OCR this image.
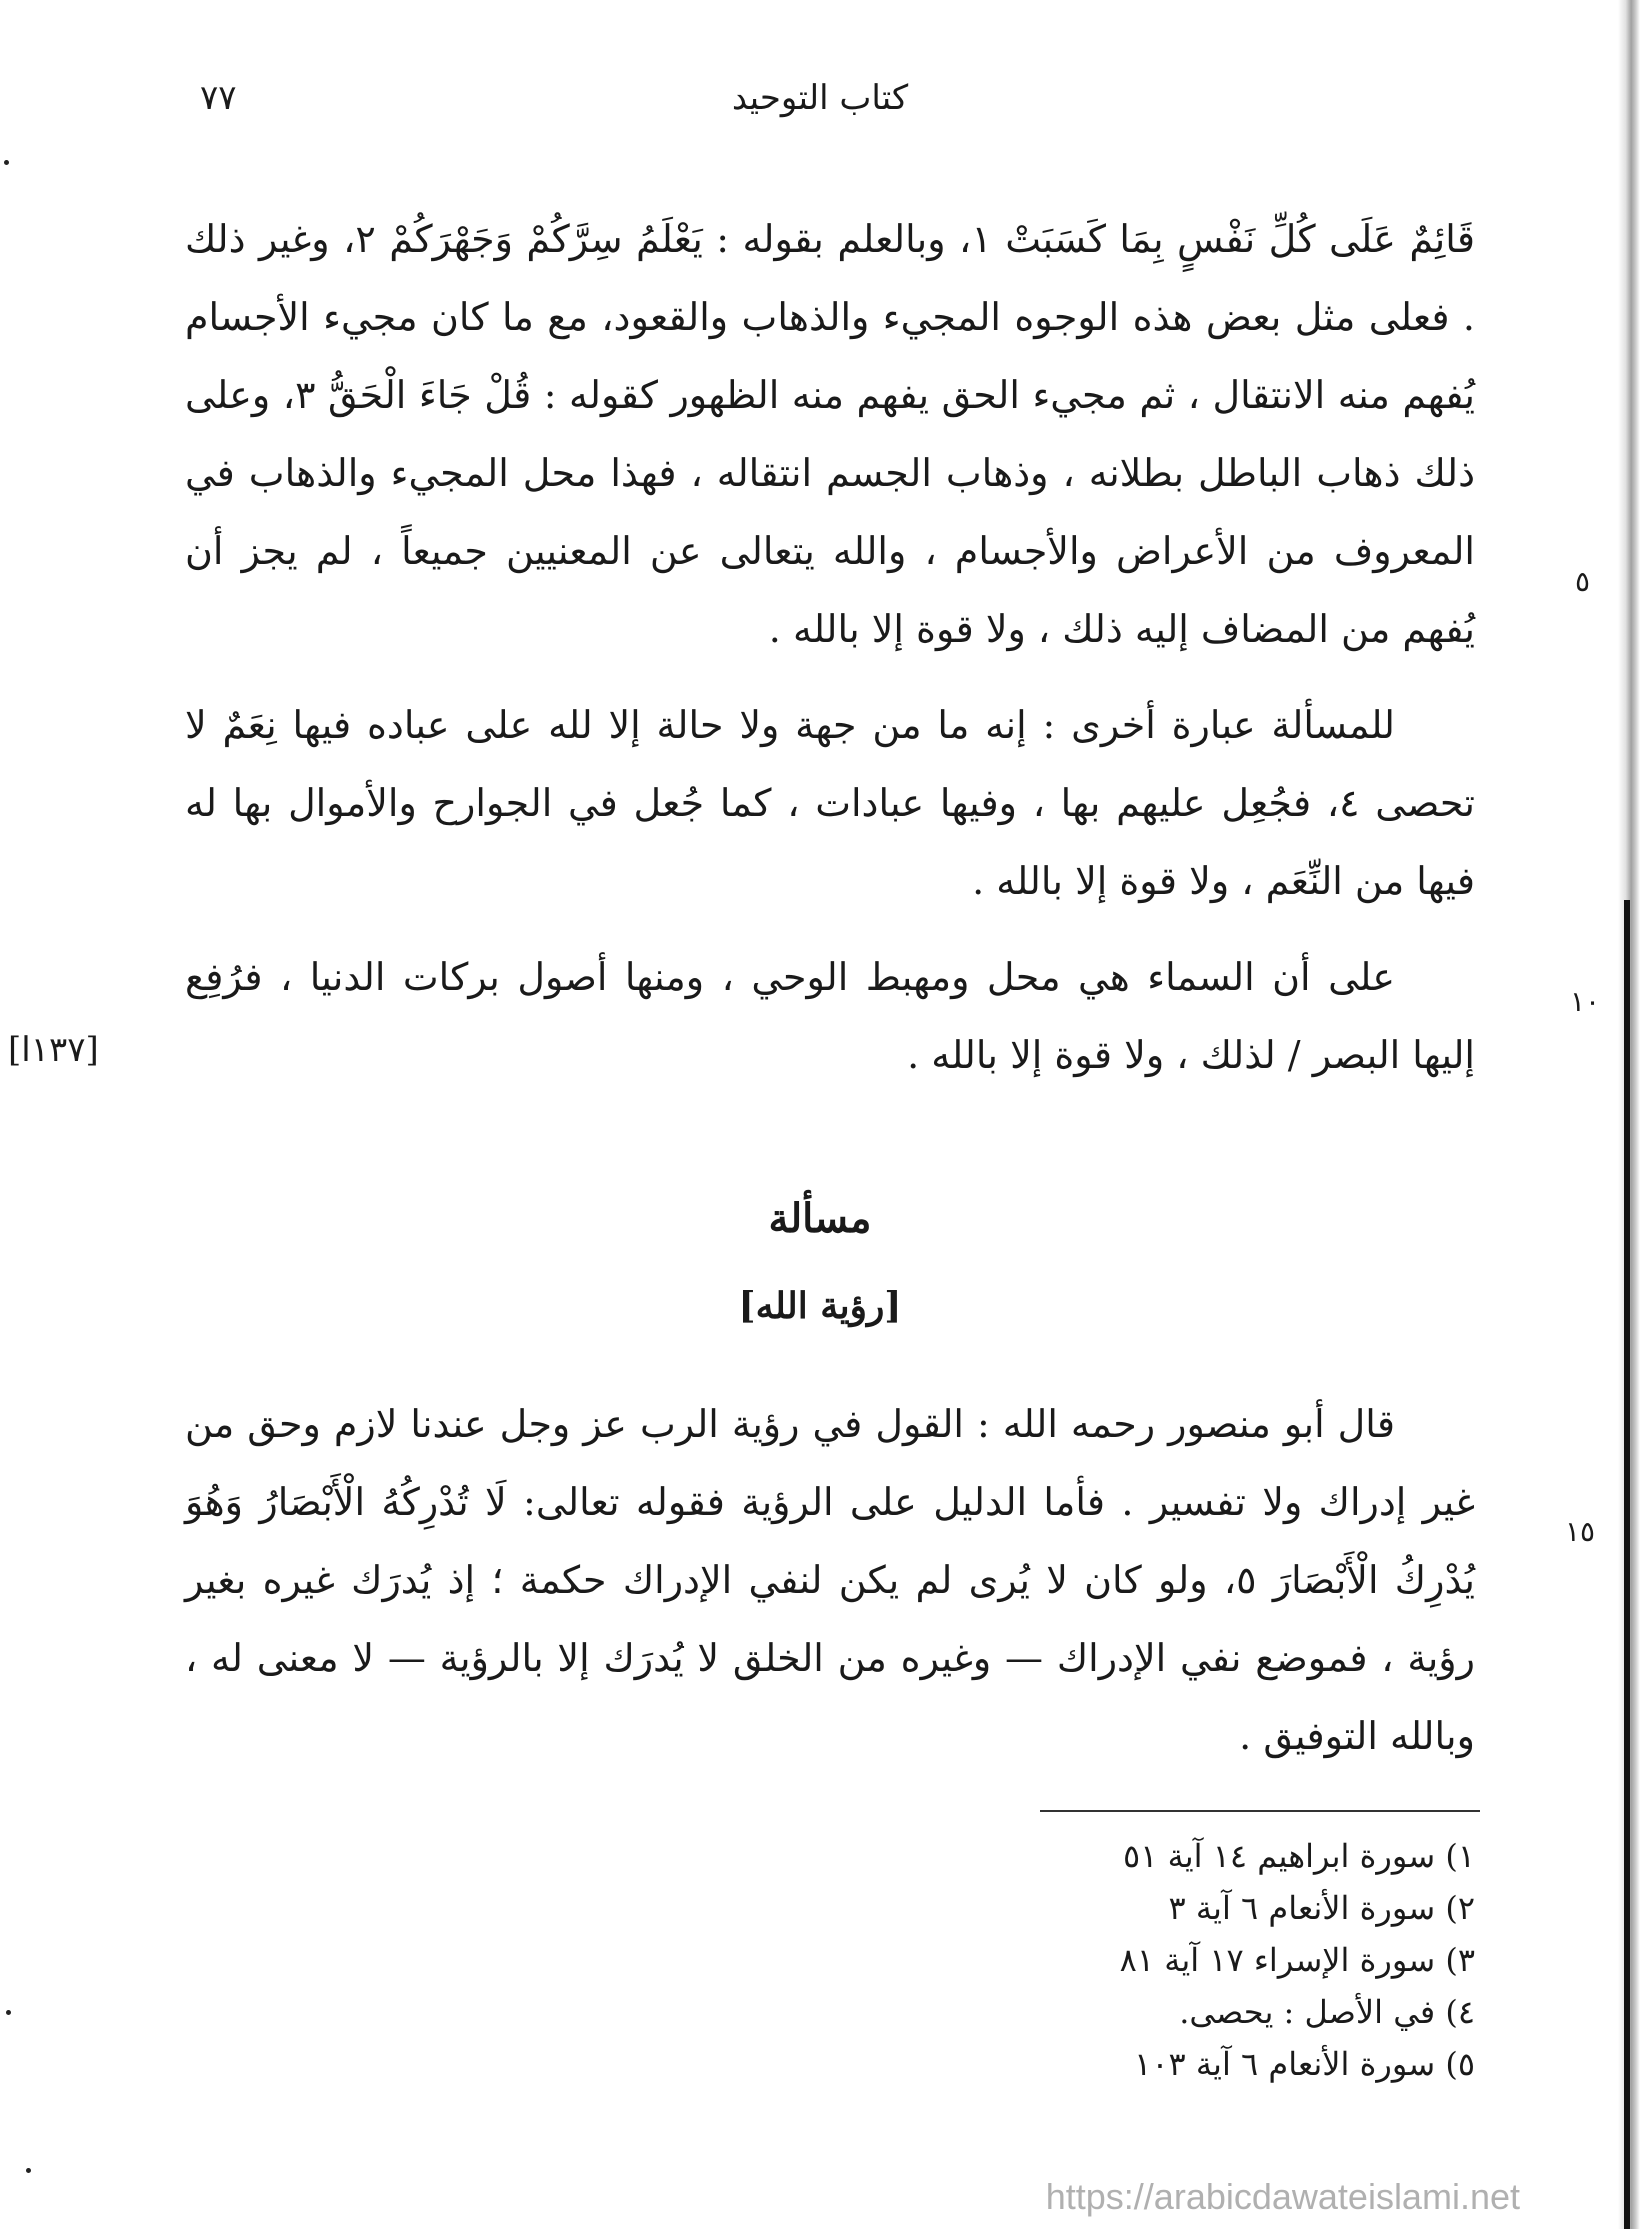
٧٧	كتاب التوحيد
[١٣٧ا]
٥
١٠
١٥

قَائِمٌ عَلَى كُلِّ نَفْسٍ بِمَا كَسَبَتْ ١، وبالعلم بقوله : يَعْلَمُ سِرَّكُمْ وَجَهْرَكُمْ ٢، وغير ذلك . فعلى مثل بعض هذه الوجوه المجيء والذهاب والقعود، مع ما كان مجيء الأجسام يُفهم منه الانتقال ، ثم مجيء الحق يفهم منه الظهور كقوله : قُلْ جَاءَ الْحَقُّ ٣، وعلى ذلك ذهاب الباطل بطلانه ، وذهاب الجسم انتقاله ، فهذا محل المجيء والذهاب في المعروف من الأعراض والأجسام ، والله يتعالى عن المعنيين جميعاً ، لم يجز أن يُفهم من المضاف إليه ذلك ، ولا قوة إلا بالله .

للمسألة عبارة أخرى : إنه ما من جهة ولا حالة إلا لله على عباده فيها نِعَمٌ لا تحصى ٤، فجُعِل عليهم بها ، وفيها عبادات ، كما جُعل في الجوارح والأموال بها له فيها من النِّعَم ، ولا قوة إلا بالله .

على أن السماء هي محل ومهبط الوحي ، ومنها أصول بركات الدنيا ، فرُفِع إليها البصر / لذلك ، ولا قوة إلا بالله .

مسألة
[رؤية الله]

قال أبو منصور رحمه الله : القول في رؤية الرب عز وجل عندنا لازم وحق من غير إدراك ولا تفسير . فأما الدليل على الرؤية فقوله تعالى: لَا تُدْرِكُهُ الْأَبْصَارُ وَهُوَ يُدْرِكُ الْأَبْصَارَ ٥، ولو كان لا يُرى لم يكن لنفي الإدراك حكمة ؛ إذ يُدرَك غيره بغير رؤية ، فموضع نفي الإدراك — وغيره من الخلق لا يُدرَك إلا بالرؤية — لا معنى له ، وبالله التوفيق .

١) سورة ابراهيم ١٤ آية ٥١
٢) سورة الأنعام ٦ آية ٣
٣) سورة الإسراء ١٧ آية ٨١
٤) في الأصل : يحصى.
٥) سورة الأنعام ٦ آية ١٠٣
https://arabicdawateislami.net
